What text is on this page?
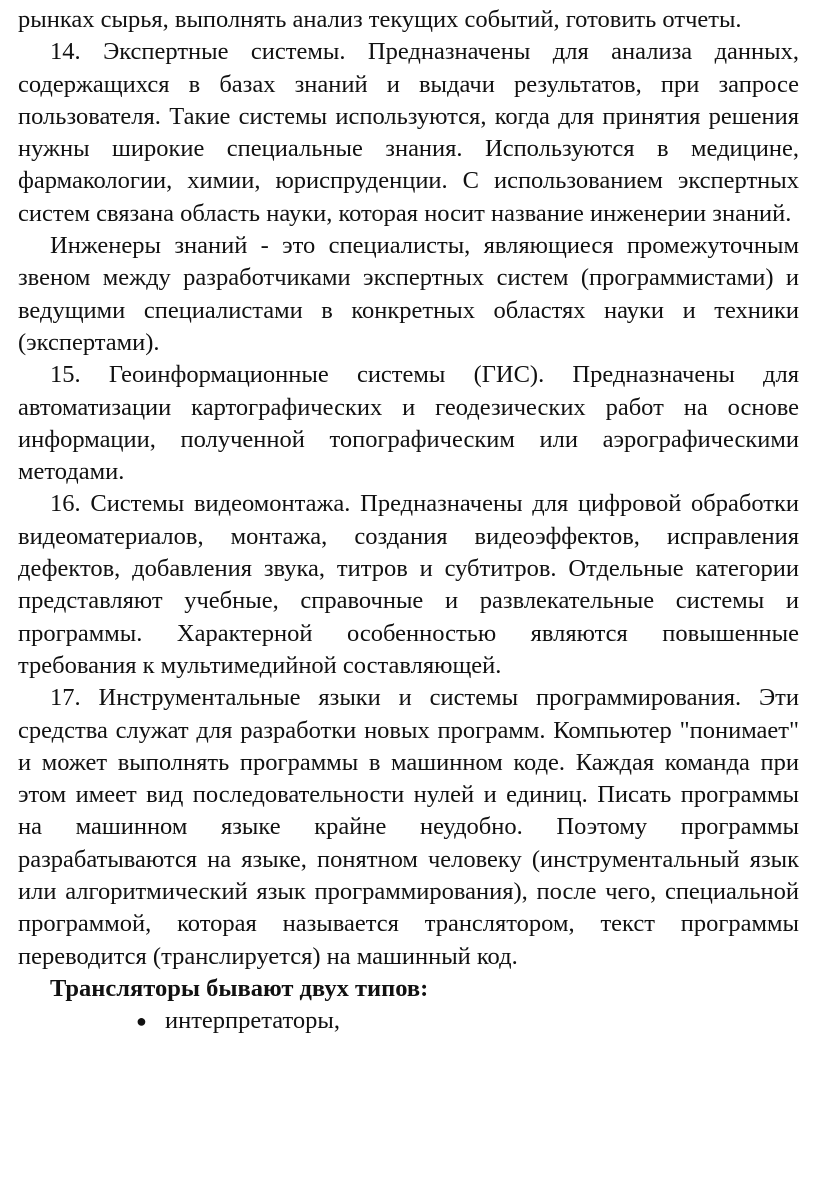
рынках сырья, выполнять анализ текущих событий, готовить отчеты.

14. Экспертные системы. Предназначены для анализа данных, содержащихся в базах знаний и выдачи результатов, при запросе пользователя. Такие системы используются, когда для принятия решения нужны широкие специальные знания. Используются в медицине, фармакологии, химии, юриспруденции. С использованием экспертных систем связана область науки, которая носит название инженерии знаний.

Инженеры знаний - это специалисты, являющиеся промежуточным звеном между разработчиками экспертных систем (программистами) и ведущими специалистами в конкретных областях науки и техники (экспертами).

15. Геоинформационные системы (ГИС). Предназначены для автоматизации картографических и геодезических работ на основе информации, полученной топографическим или аэрографическими методами.

16. Системы видеомонтажа. Предназначены для цифровой обработки видеоматериалов, монтажа, создания видеоэффектов, исправления дефектов, добавления звука, титров и субтитров. Отдельные категории представляют учебные, справочные и развлекательные системы и программы. Характерной особенностью являются повышенные требования к мультимедийной составляющей.

17. Инструментальные языки и системы программирования. Эти средства служат для разработки новых программ. Компьютер "понимает" и может выполнять программы в машинном коде. Каждая команда при этом имеет вид последовательности нулей и единиц. Писать программы на машинном языке крайне неудобно. Поэтому программы разрабатываются на языке, понятном человеку (инструментальный язык или алгоритмический язык программирования), после чего, специальной программой, которая называется транслятором, текст программы переводится (транслируется) на машинный код.

Трансляторы бывают двух типов:

● интерпретаторы,
